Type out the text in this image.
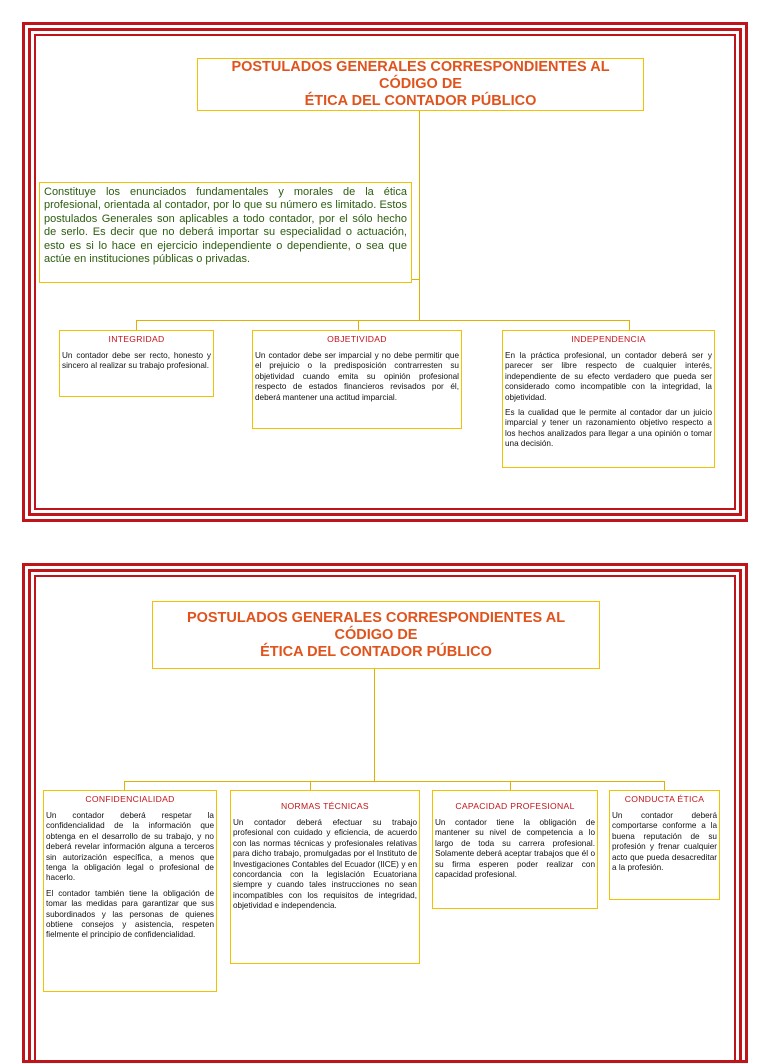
POSTULADOS GENERALES CORRESPONDIENTES AL CÓDIGO DE
ÉTICA DEL CONTADOR PÚBLICO
Constituye los enunciados fundamentales y morales de la ética profesional, orientada al contador, por lo que su número es limitado. Estos postulados Generales son aplicables a todo contador, por el sólo hecho de serlo. Es decir que no deberá importar su especialidad o actuación, esto es si lo hace en ejercicio independiente o dependiente, o sea que actúe en instituciones públicas o privadas.
INTEGRIDAD

Un contador debe ser recto, honesto y sincero al realizar su trabajo profesional.

OBJETIVIDAD

Un contador debe ser imparcial y no debe permitir que el prejuicio o la predisposición contrarresten su objetividad cuando emita su opinión profesional respecto de estados financieros revisados por él, deberá mantener una actitud imparcial.

INDEPENDENCIA

En la práctica profesional, un contador deberá ser y parecer ser libre respecto de cualquier interés, independiente de su efecto verdadero que pueda ser considerado como incompatible con la integridad, la objetividad.

Es la cualidad que le permite al contador dar un juicio imparcial y tener un razonamiento objetivo respecto a los hechos analizados para llegar a una opinión o tomar una decisión.

POSTULADOS GENERALES CORRESPONDIENTES AL CÓDIGO DE
ÉTICA DEL CONTADOR PÚBLICO
CONFIDENCIALIDAD

Un contador deberá respetar la confidencialidad de la información que obtenga en el desarrollo de su trabajo, y no deberá revelar información alguna a terceros sin autorización específica, a menos que tenga la obligación legal o profesional de hacerlo.

El contador también tiene la obligación de tomar las medidas para garantizar que sus subordinados y las personas de quienes obtiene consejos y asistencia, respeten fielmente el principio de confidencialidad.

NORMAS TÉCNICAS

Un contador deberá efectuar su trabajo profesional con cuidado y eficiencia, de acuerdo con las normas técnicas y profesionales relativas para dicho trabajo, promulgadas por el Instituto de Investigaciones Contables del Ecuador (IICE) y en concordancia con la legislación Ecuatoriana siempre y cuando tales instrucciones no sean incompatibles con los requisitos de integridad, objetividad e independencia.

CAPACIDAD PROFESIONAL

Un contador tiene la obligación de mantener su nivel de competencia a lo largo de toda su carrera profesional. Solamente deberá aceptar trabajos que él o su firma esperen poder realizar con capacidad profesional.

CONDUCTA ÉTICA

Un contador deberá comportarse conforme a la buena reputación de su profesión y frenar cualquier acto que pueda desacreditar a la profesión.
